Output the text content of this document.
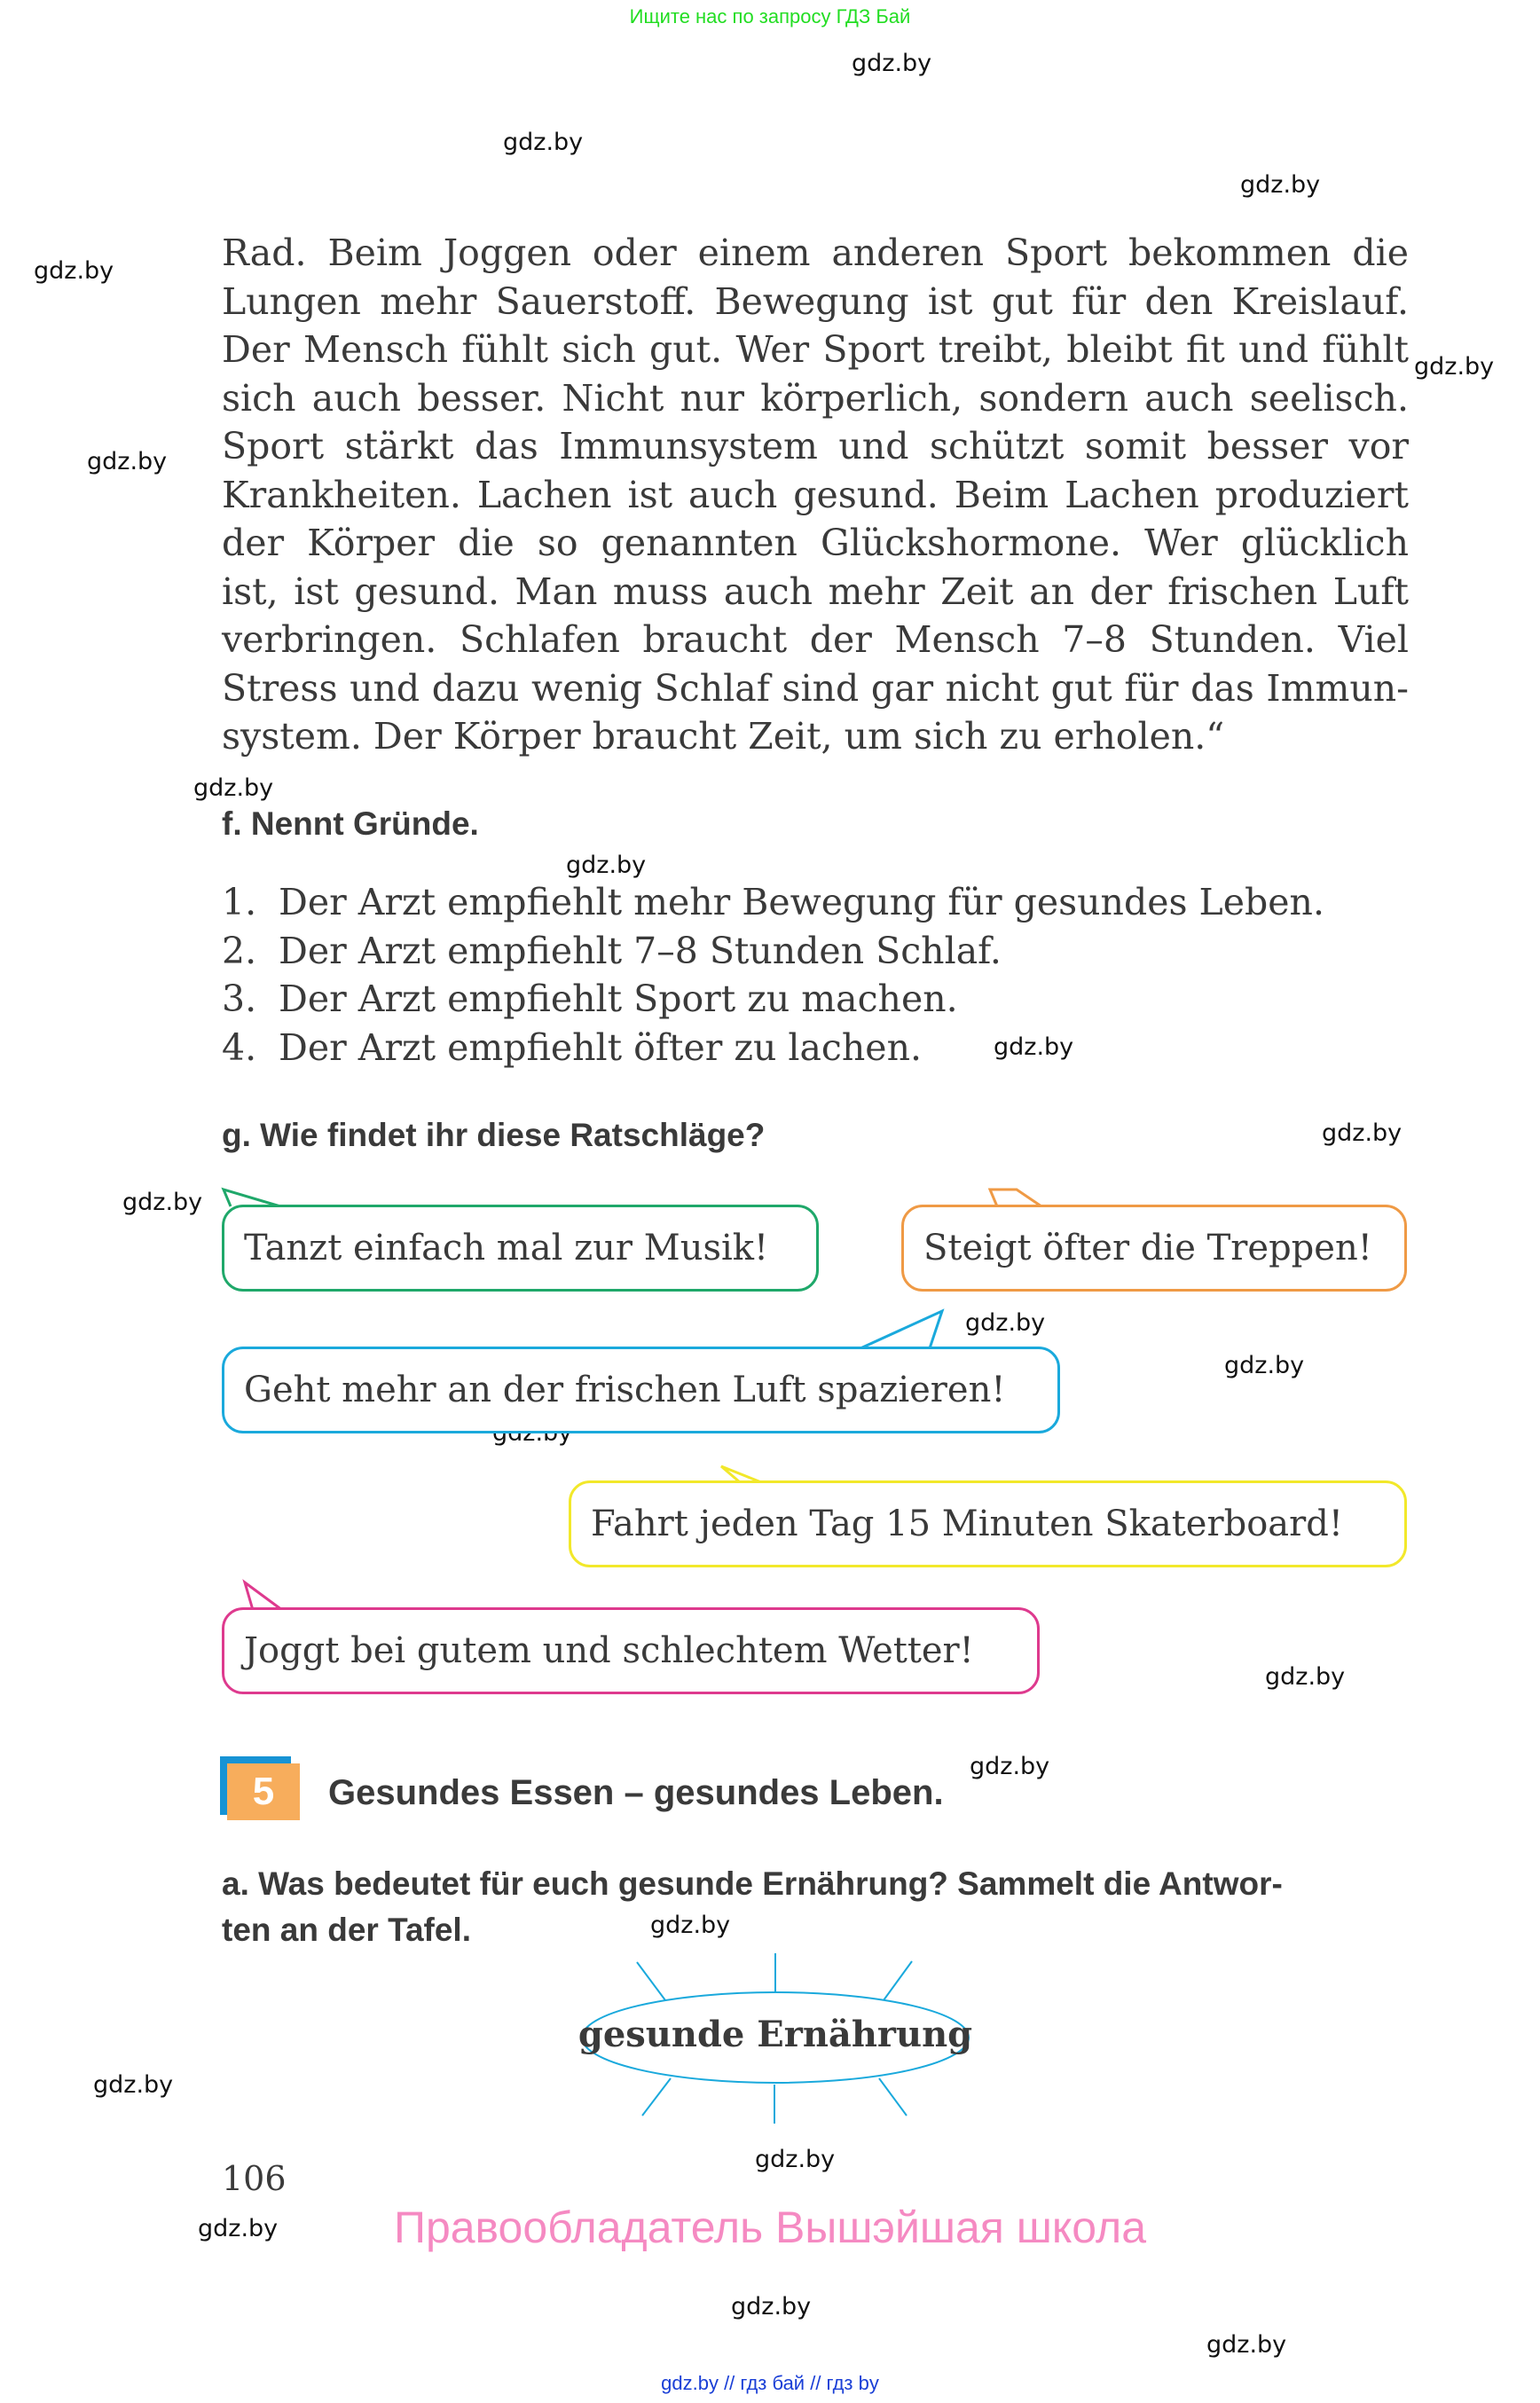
Ищите нас по запросу ГДЗ Бай
gdz.by
gdz.by
gdz.by
gdz.by
gdz.by
gdz.by
gdz.by
gdz.by
gdz.by
gdz.by
gdz.by
gdz.by
gdz.by
gdz.by
gdz.by
gdz.by
gdz.by
gdz.by
gdz.by
gdz.by
gdz.by
Rad. Beim Joggen oder einem anderen Sport bekommen die
Lungen mehr Sauerstoff. Bewegung ist gut für den Kreislauf.
Der Mensch fühlt sich gut. Wer Sport treibt, bleibt fit und fühlt
sich auch besser. Nicht nur körperlich, sondern auch seelisch.
Sport stärkt das Immunsystem und schützt somit besser vor
Krankheiten. Lachen ist auch gesund. Beim Lachen produziert
der Körper die so genannten Glückshormone. Wer glücklich
ist, ist gesund. Man muss auch mehr Zeit an der frischen Luft
verbringen. Schlafen braucht der Mensch 7–8 Stunden. Viel
Stress und dazu wenig Schlaf sind gar nicht gut für das Immun-
system. Der Körper braucht Zeit, um sich zu erholen.“
f. Nennt Gründe.
1. Der Arzt empfiehlt mehr Bewegung für gesundes Leben.
2. Der Arzt empfiehlt 7–8 Stunden Schlaf.
3. Der Arzt empfiehlt Sport zu machen.
4. Der Arzt empfiehlt öfter zu lachen.
g. Wie findet ihr diese Ratschläge?
Tanzt einfach mal zur Musik!	Steigt öfter die Treppen!
Geht mehr an der frischen Luft spazieren!
Fahrt jeden Tag 15 Minuten Skaterboard!
Joggt bei gutem und schlechtem Wetter!
5	Gesundes Essen – gesundes Leben.
a. Was bedeutet für euch gesunde Ernährung? Sammelt die Antwor-
ten an der Tafel.
gesunde Ernährung
106
Правообладатель Вышэйшая школа
gdz.by // гдз бай // гдз by
